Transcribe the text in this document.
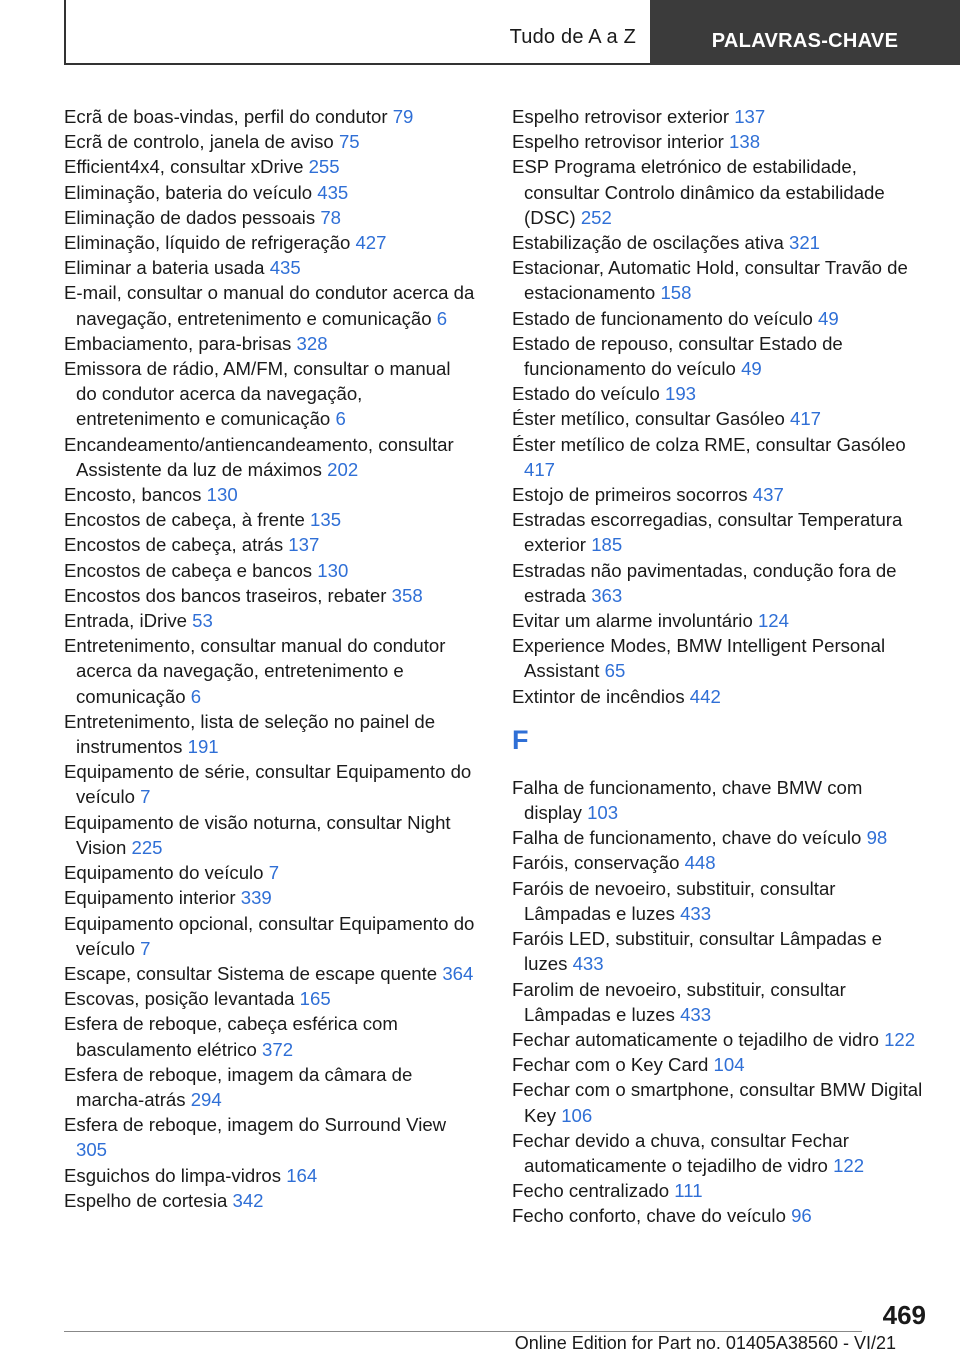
Tudo de A a Z	PALAVRAS-CHAVE
Ecrã de boas-vindas, perfil do condutor 79
Ecrã de controlo, janela de aviso 75
Efficient4x4, consultar xDrive 255
Eliminação, bateria do veículo 435
Eliminação de dados pessoais 78
Eliminação, líquido de refrigeração 427
Eliminar a bateria usada 435
E-mail, consultar o manual do condutor acerca da navegação, entretenimento e comunicação 6
Embaciamento, para-brisas 328
Emissora de rádio, AM/FM, consultar o manual do condutor acerca da navegação, entretenimento e comunicação 6
Encandeamento/antiencandeamento, consultar Assistente da luz de máximos 202
Encosto, bancos 130
Encostos de cabeça, à frente 135
Encostos de cabeça, atrás 137
Encostos de cabeça e bancos 130
Encostos dos bancos traseiros, rebater 358
Entrada, iDrive 53
Entretenimento, consultar manual do condutor acerca da navegação, entretenimento e comunicação 6
Entretenimento, lista de seleção no painel de instrumentos 191
Equipamento de série, consultar Equipamento do veículo 7
Equipamento de visão noturna, consultar Night Vision 225
Equipamento do veículo 7
Equipamento interior 339
Equipamento opcional, consultar Equipamento do veículo 7
Escape, consultar Sistema de escape quente 364
Escovas, posição levantada 165
Esfera de reboque, cabeça esférica com basculamento elétrico 372
Esfera de reboque, imagem da câmara de marcha-atrás 294
Esfera de reboque, imagem do Surround View 305
Esguichos do limpa-vidros 164
Espelho de cortesia 342
Espelho retrovisor exterior 137
Espelho retrovisor interior 138
ESP Programa eletrónico de estabilidade, consultar Controlo dinâmico da estabilidade (DSC) 252
Estabilização de oscilações ativa 321
Estacionar, Automatic Hold, consultar Travão de estacionamento 158
Estado de funcionamento do veículo 49
Estado de repouso, consultar Estado de funcionamento do veículo 49
Estado do veículo 193
Éster metílico, consultar Gasóleo 417
Éster metílico de colza RME, consultar Gasóleo 417
Estojo de primeiros socorros 437
Estradas escorregadias, consultar Temperatura exterior 185
Estradas não pavimentadas, condução fora de estrada 363
Evitar um alarme involuntário 124
Experience Modes, BMW Intelligent Personal Assistant 65
Extintor de incêndios 442
F
Falha de funcionamento, chave BMW com display 103
Falha de funcionamento, chave do veículo 98
Faróis, conservação 448
Faróis de nevoeiro, substituir, consultar Lâmpadas e luzes 433
Faróis LED, substituir, consultar Lâmpadas e luzes 433
Farolim de nevoeiro, substituir, consultar Lâmpadas e luzes 433
Fechar automaticamente o tejadilho de vidro 122
Fechar com o Key Card 104
Fechar com o smartphone, consultar BMW Digital Key 106
Fechar devido a chuva, consultar Fechar automaticamente o tejadilho de vidro 122
Fecho centralizado 111
Fecho conforto, chave do veículo 96
469
Online Edition for Part no. 01405A38560 - VI/21
